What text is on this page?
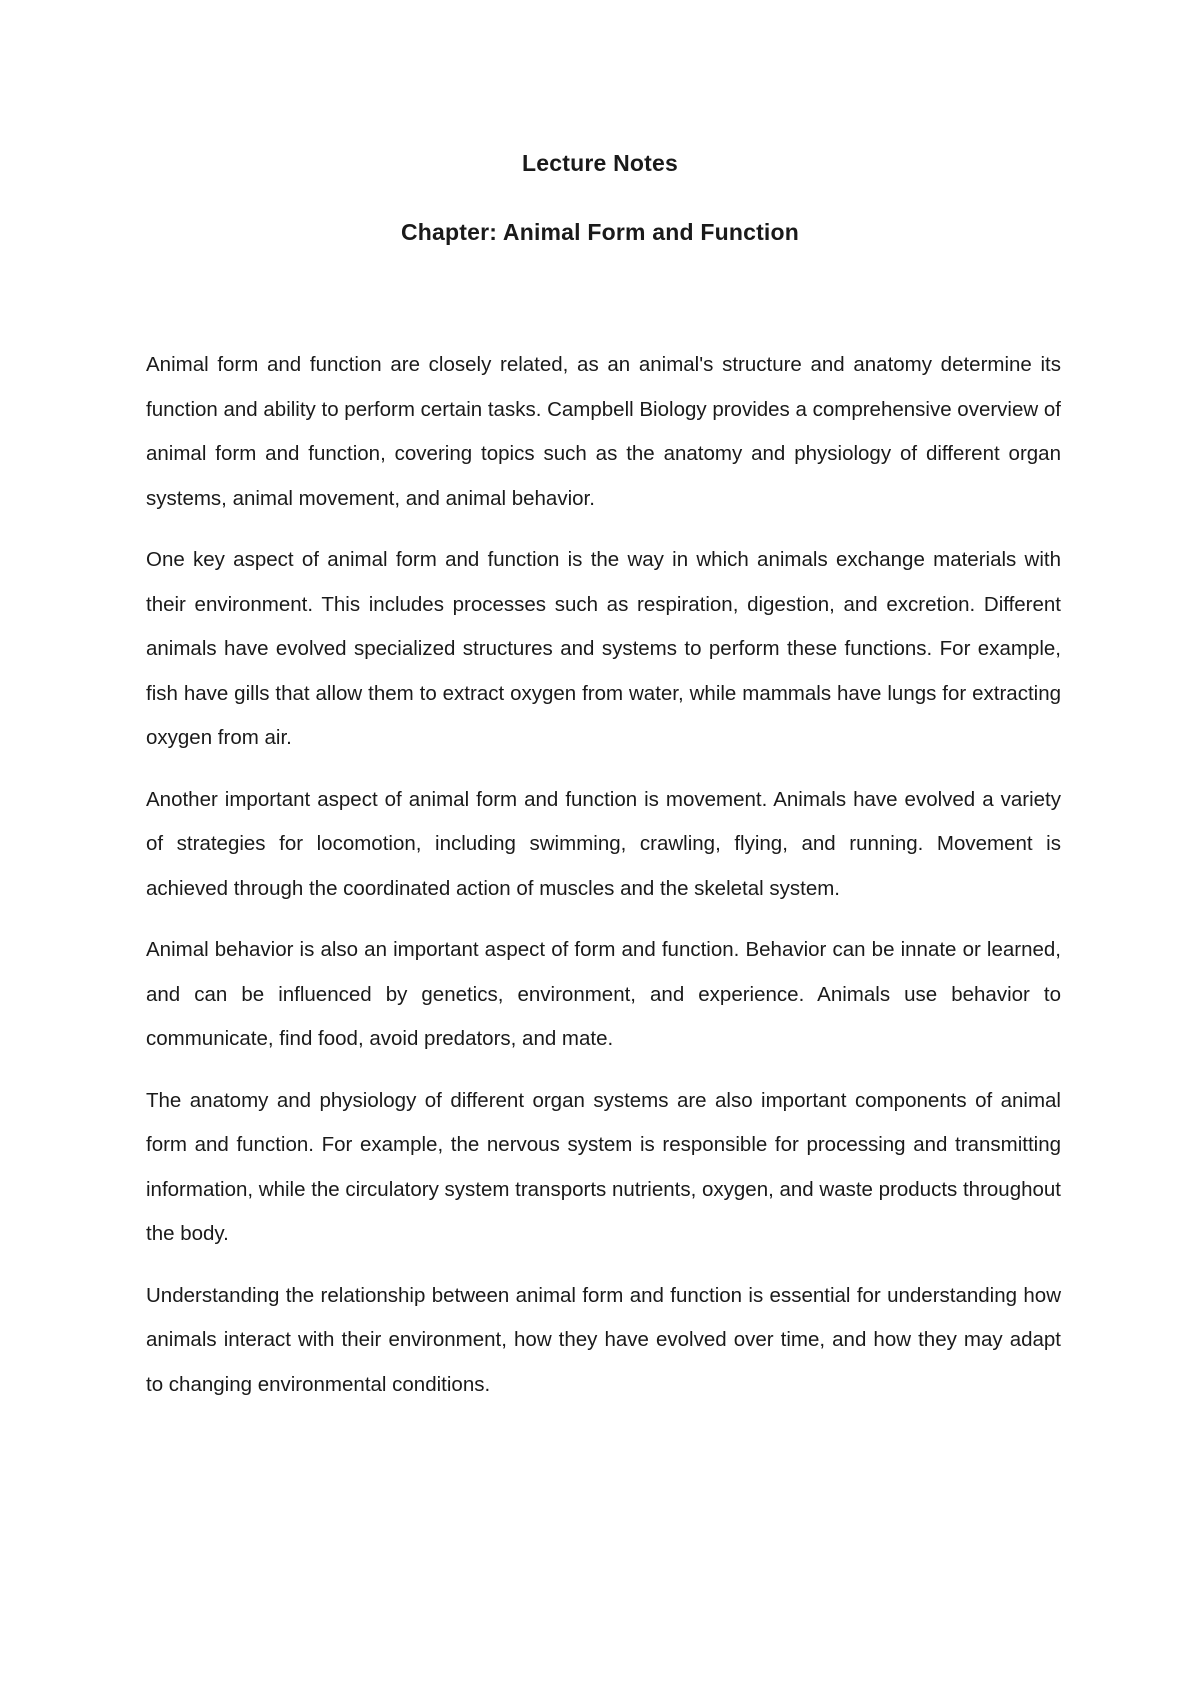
Lecture Notes
Chapter: Animal Form and Function

Animal form and function are closely related, as an animal's structure and anatomy determine its function and ability to perform certain tasks. Campbell Biology provides a comprehensive overview of animal form and function, covering topics such as the anatomy and physiology of different organ systems, animal movement, and animal behavior.

One key aspect of animal form and function is the way in which animals exchange materials with their environment. This includes processes such as respiration, digestion, and excretion. Different animals have evolved specialized structures and systems to perform these functions. For example, fish have gills that allow them to extract oxygen from water, while mammals have lungs for extracting oxygen from air.

Another important aspect of animal form and function is movement. Animals have evolved a variety of strategies for locomotion, including swimming, crawling, flying, and running. Movement is achieved through the coordinated action of muscles and the skeletal system.

Animal behavior is also an important aspect of form and function. Behavior can be innate or learned, and can be influenced by genetics, environment, and experience. Animals use behavior to communicate, find food, avoid predators, and mate.

The anatomy and physiology of different organ systems are also important components of animal form and function. For example, the nervous system is responsible for processing and transmitting information, while the circulatory system transports nutrients, oxygen, and waste products throughout the body.

Understanding the relationship between animal form and function is essential for understanding how animals interact with their environment, how they have evolved over time, and how they may adapt to changing environmental conditions.
